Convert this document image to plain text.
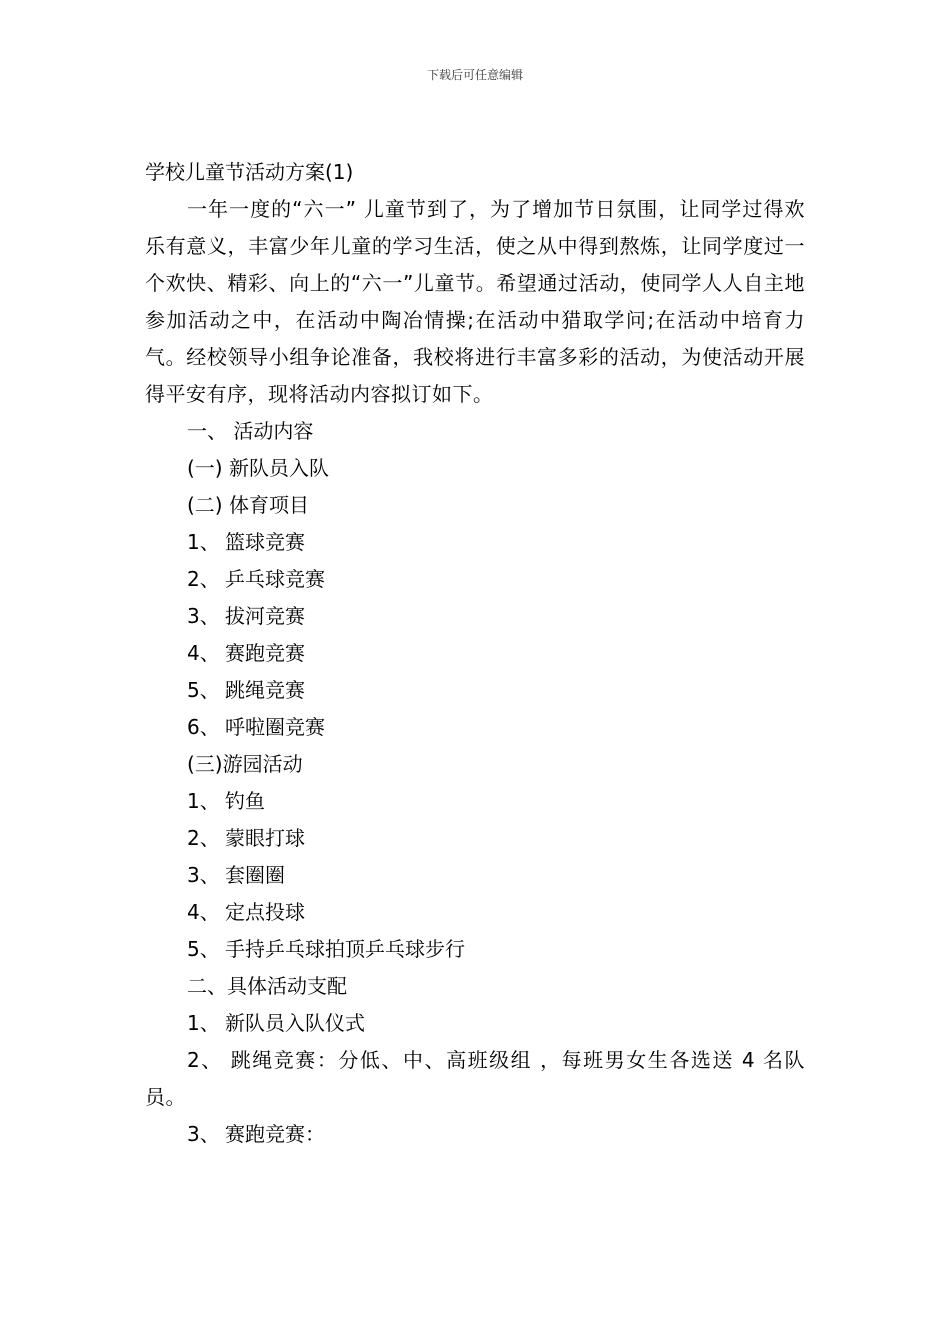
下载后可任意编辑

学校儿童节活动方案(1)

一年一度的“六一” 儿童节到了，为了增加节日氛围，让同学过得欢乐有意义，丰富少年儿童的学习生活，使之从中得到熬炼，让同学度过一个欢快、精彩、向上的“六一”儿童节。希望通过活动，使同学人人自主地参加活动之中，在活动中陶冶情操;在活动中猎取学问;在活动中培育力气。经校领导小组争论准备，我校将进行丰富多彩的活动，为使活动开展得平安有序，现将活动内容拟订如下。

一、 活动内容

(一) 新队员入队

(二) 体育项目

1、 篮球竞赛

2、 乒乓球竞赛

3、 拔河竞赛

4、 赛跑竞赛

5、 跳绳竞赛

6、 呼啦圈竞赛

(三)游园活动

1、 钓鱼

2、 蒙眼打球

3、 套圈圈

4、 定点投球

5、 手持乒乓球拍顶乒乓球步行

二、具体活动支配

1、 新队员入队仪式

2、 跳绳竞赛：分低、中、高班级组 ，每班男女生各选送 4 名队员。

3、 赛跑竞赛：
